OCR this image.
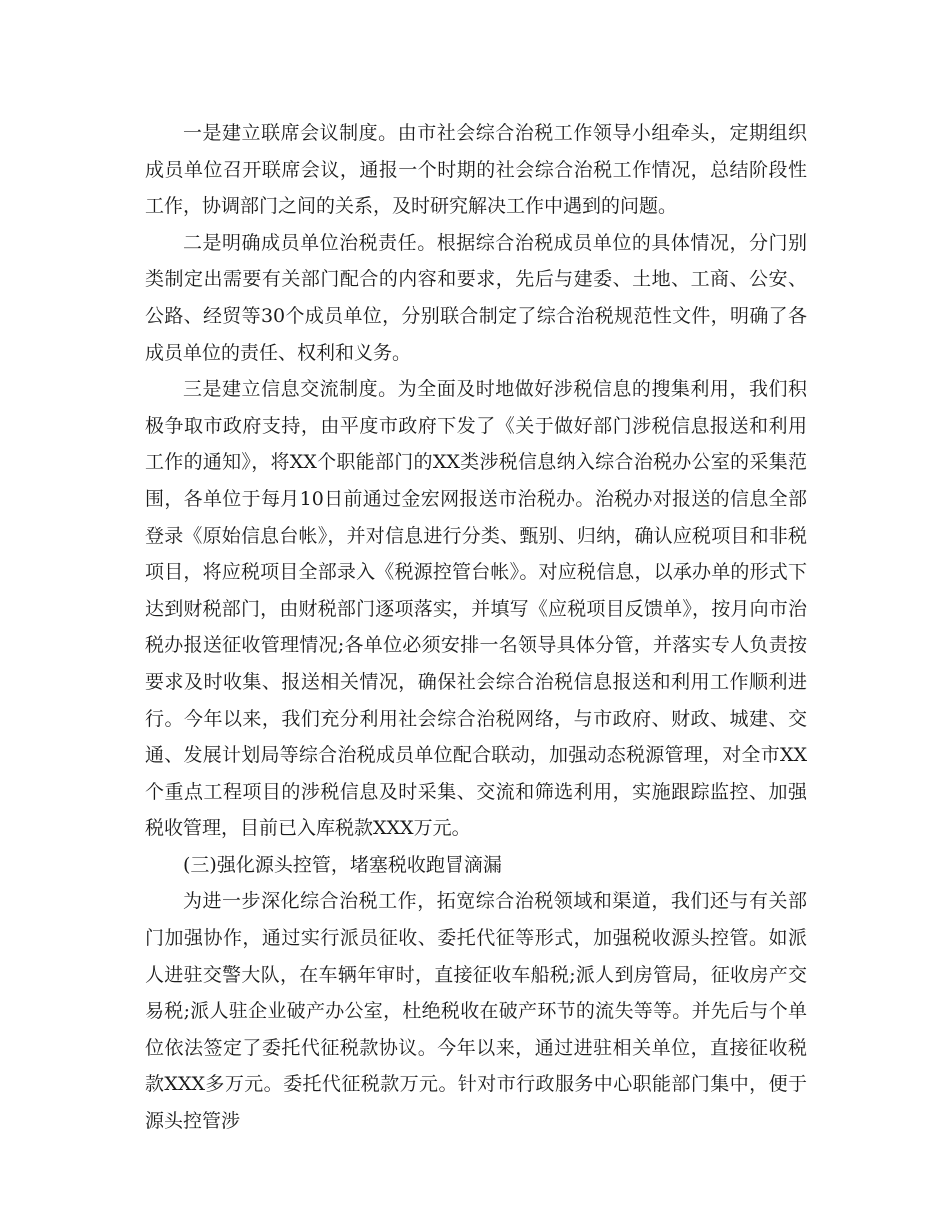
一是建立联席会议制度。由市社会综合治税工作领导小组牵头，定期组织成员单位召开联席会议，通报一个时期的社会综合治税工作情况，总结阶段性工作，协调部门之间的关系，及时研究解决工作中遇到的问题。

二是明确成员单位治税责任。根据综合治税成员单位的具体情况，分门别类制定出需要有关部门配合的内容和要求，先后与建委、土地、工商、公安、公路、经贸等30个成员单位，分别联合制定了综合治税规范性文件，明确了各成员单位的责任、权利和义务。

三是建立信息交流制度。为全面及时地做好涉税信息的搜集利用，我们积极争取市政府支持，由平度市政府下发了《关于做好部门涉税信息报送和利用工作的通知》，将XX个职能部门的XX类涉税信息纳入综合治税办公室的采集范围，各单位于每月10日前通过金宏网报送市治税办。治税办对报送的信息全部登录《原始信息台帐》，并对信息进行分类、甄别、归纳，确认应税项目和非税项目，将应税项目全部录入《税源控管台帐》。对应税信息，以承办单的形式下达到财税部门，由财税部门逐项落实，并填写《应税项目反馈单》，按月向市治税办报送征收管理情况;各单位必须安排一名领导具体分管，并落实专人负责按要求及时收集、报送相关情况，确保社会综合治税信息报送和利用工作顺利进行。今年以来，我们充分利用社会综合治税网络，与市政府、财政、城建、交通、发展计划局等综合治税成员单位配合联动，加强动态税源管理，对全市XX个重点工程项目的涉税信息及时采集、交流和筛选利用，实施跟踪监控、加强税收管理，目前已入库税款XXX万元。

(三)强化源头控管，堵塞税收跑冒滴漏

为进一步深化综合治税工作，拓宽综合治税领域和渠道，我们还与有关部门加强协作，通过实行派员征收、委托代征等形式，加强税收源头控管。如派人进驻交警大队，在车辆年审时，直接征收车船税;派人到房管局，征收房产交易税;派人驻企业破产办公室，杜绝税收在破产环节的流失等等。并先后与个单位依法签定了委托代征税款协议。今年以来，通过进驻相关单位，直接征收税款XXX多万元。委托代征税款万元。针对市行政服务中心职能部门集中，便于源头控管涉
